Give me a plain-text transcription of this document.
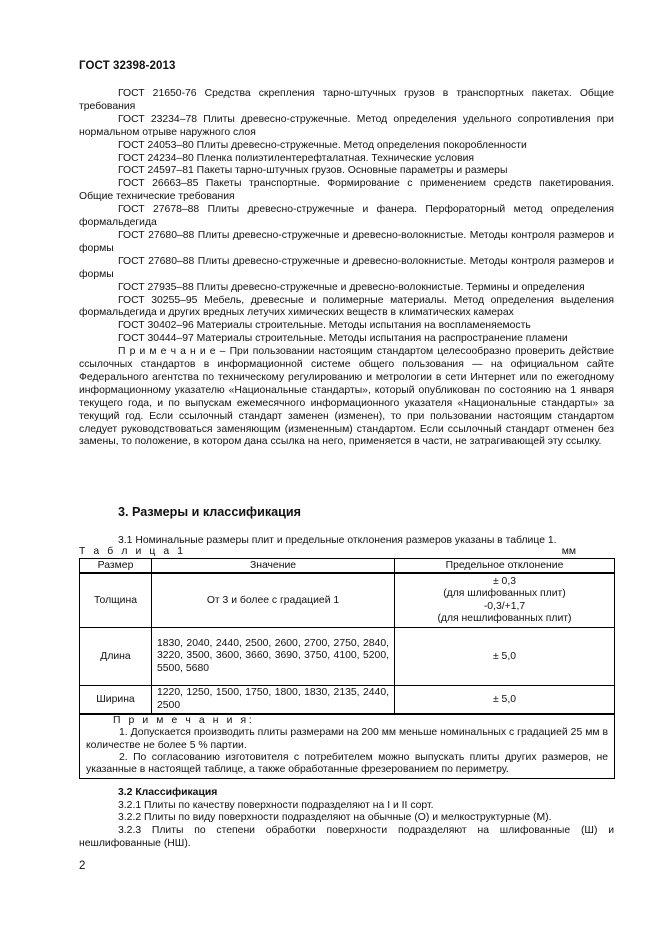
ГОСТ 32398-2013

ГОСТ 21650-76 Средства скрепления тарно-штучных грузов в транспортных пакетах. Общие требования

ГОСТ 23234–78 Плиты древесно-стружечные. Метод определения удельного сопротивления при нормальном отрыве наружного слоя

ГОСТ 24053–80 Плиты древесно-стружечные. Метод определения покоробленности

ГОСТ 24234–80 Пленка полиэтилентерефталатная. Технические условия

ГОСТ 24597–81 Пакеты тарно-штучных грузов. Основные параметры и размеры

ГОСТ 26663–85 Пакеты транспортные. Формирование с применением средств пакетирования. Общие технические требования

ГОСТ 27678–88 Плиты древесно-стружечные и фанера. Перфораторный метод определения формальдегида

ГОСТ 27680–88 Плиты древесно-стружечные и древесно-волокнистые. Методы контроля размеров и формы

ГОСТ 27680–88 Плиты древесно-стружечные и древесно-волокнистые. Методы контроля размеров и формы

ГОСТ 27935–88 Плиты древесно-стружечные и древесно-волокнистые. Термины и определения

ГОСТ 30255–95 Мебель, древесные и полимерные материалы. Метод определения выделения формальдегида и других вредных летучих химических веществ в климатических камерах

ГОСТ 30402–96 Материалы строительные. Методы испытания на воспламеняемость

ГОСТ 30444–97 Материалы строительные. Методы испытания на распространение пламени

П р и м е ч а н и е – При пользовании настоящим стандартом целесообразно проверить действие ссылочных стандартов в информационной системе общего пользования — на официальном сайте Федерального агентства по техническому регулированию и метрологии в сети Интернет или по ежегодному информационному указателю «Национальные стандарты», который опубликован по состоянию на 1 января текущего года, и по выпускам ежемесячного информационного указателя «Национальные стандарты» за текущий год. Если ссылочный стандарт заменен (изменен), то при пользовании настоящим стандартом следует руководствоваться заменяющим (измененным) стандартом. Если ссылочный стандарт отменен без замены, то положение, в котором дана ссылка на него, применяется в части, не затрагивающей эту ссылку.

3. Размеры и классификация
3.1 Номинальные размеры плит и предельные отклонения размеров указаны в таблице 1.
Т а б л и ц а 1	мм
Размер	Значение	Предельное отклонение
Толщина	От 3 и более с градацией 1	± 0,3
(для шлифованных плит)
-0,3/+1,7
(для нешлифованных плит)

Длина	1830, 2040, 2440, 2500, 2600, 2700, 2750, 2840, 3220, 3500, 3600, 3660, 3690, 3750, 4100, 5200, 5500, 5680	± 5,0
Ширина	1220, 1250, 1500, 1750, 1800, 1830, 2135, 2440, 2500	± 5,0

П р и м е ч а н и я:

1. Допускается производить плиты размерами на 200 мм меньше номинальных с градацией 25 мм в количестве не более 5 % партии.

2. По согласованию изготовителя с потребителем можно выпускать плиты других размеров, не указанные в настоящей таблице, а также обработанные фрезерованием по периметру.		

3.2 Классификация

3.2.1 Плиты по качеству поверхности подразделяют на I и II сорт.

3.2.2 Плиты по виду поверхности подразделяют на обычные (О) и мелкоструктурные (М).

3.2.3 Плиты по степени обработки поверхности подразделяют на шлифованные (Ш) и нешлифованные (НШ).

2
